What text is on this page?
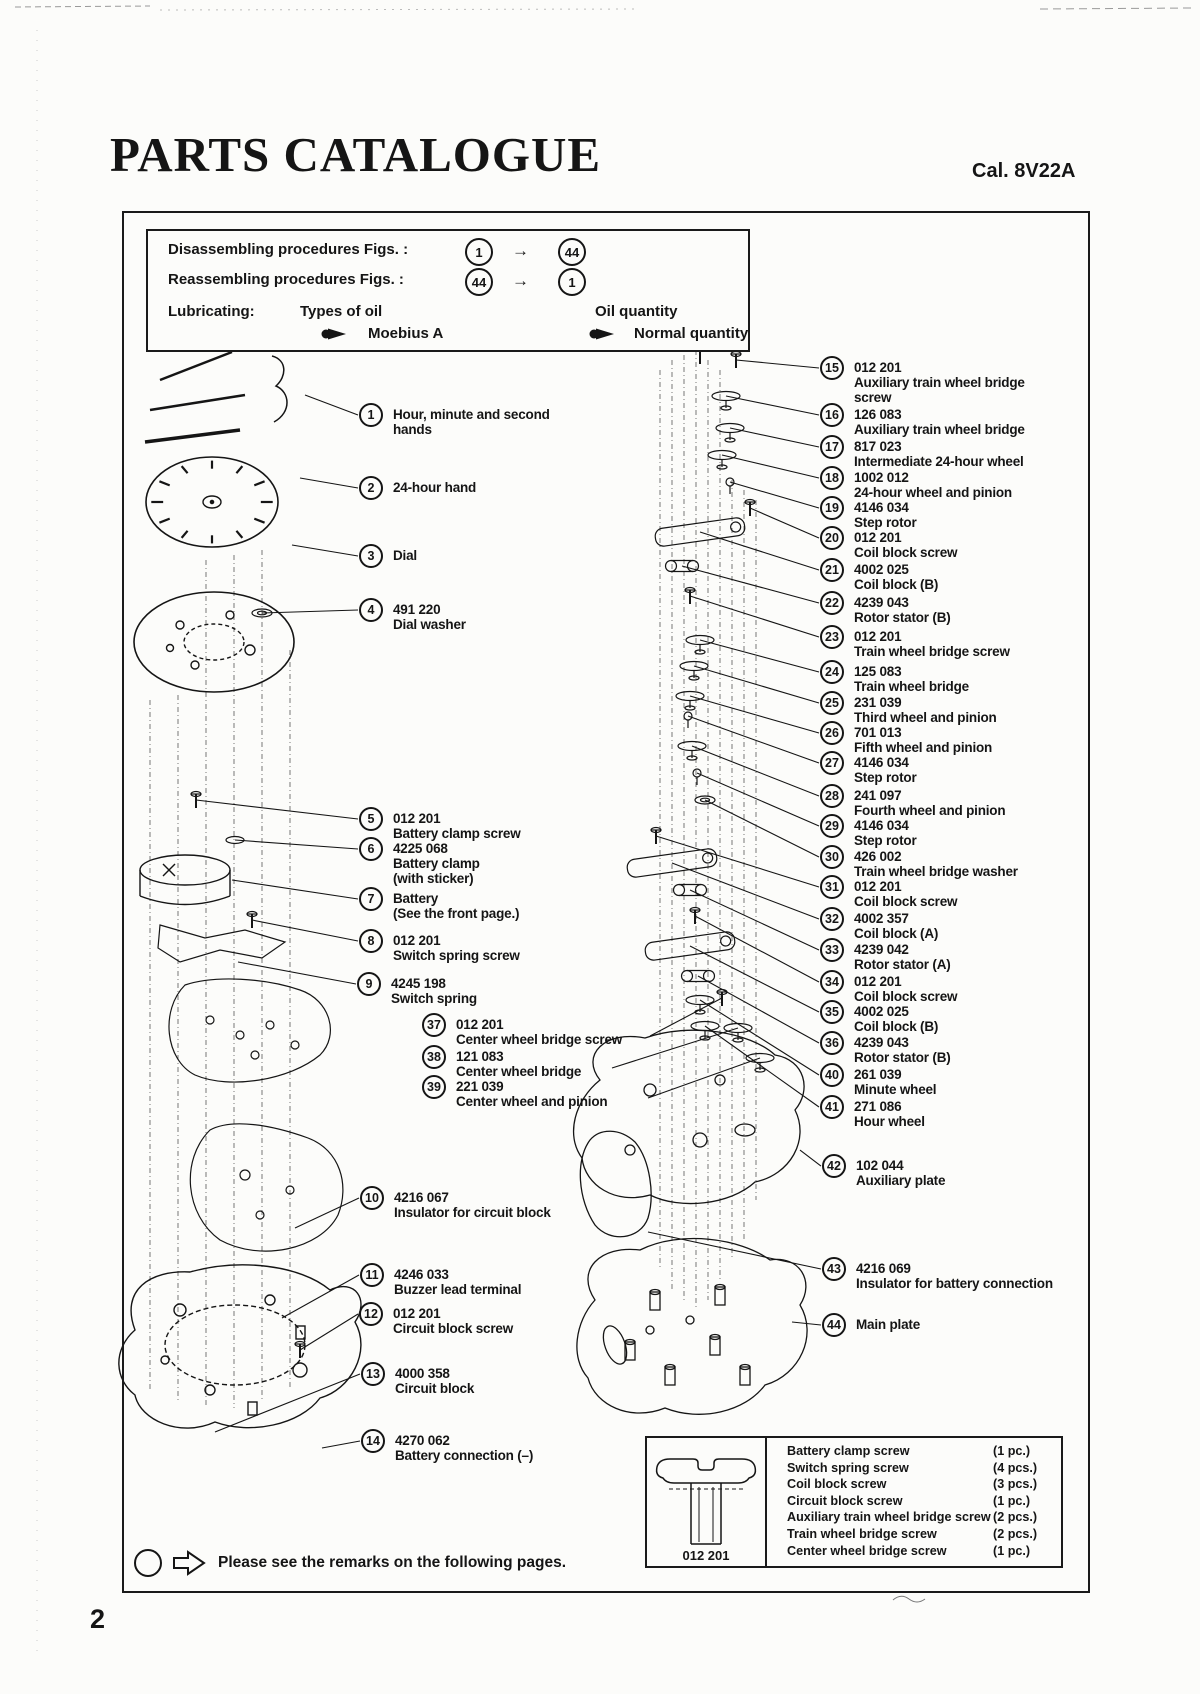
PARTS CATALOGUE	Cal. 8V22A
Disassembling procedures Figs. :	1	→	44
Reassembling procedures Figs. :	44	→	1
Lubricating:	Types of oil	Oil quantity
Moebius A	Normal quantity
1	Hour, minute and second
hands
2	24-hour hand
3	Dial
4	491 220
Dial washer
5	012 201
Battery clamp screw
6	4225 068
Battery clamp
(with sticker)
7	Battery
(See the front page.)
8	012 201
Switch spring screw
9	4245 198
Switch spring
37	012 201
Center wheel bridge screw
38	121 083
Center wheel bridge
39	221 039
Center wheel and pinion
10	4216 067
Insulator for circuit block
11	4246 033
Buzzer lead terminal
12	012 201
Circuit block screw
13	4000 358
Circuit block
14	4270 062
Battery connection (–)
15	012 201
Auxiliary train wheel bridge
screw
16	126 083
Auxiliary train wheel bridge
17	817 023
Intermediate 24-hour wheel
18	1002 012
24-hour wheel and pinion
19	4146 034
Step rotor
20	012 201
Coil block screw
21	4002 025
Coil block (B)
22	4239 043
Rotor stator (B)
23	012 201
Train wheel bridge screw
24	125 083
Train wheel bridge
25	231 039
Third wheel and pinion
26	701 013
Fifth wheel and pinion
27	4146 034
Step rotor
28	241 097
Fourth wheel and pinion
29	4146 034
Step rotor
30	426 002
Train wheel bridge washer
31	012 201
Coil block screw
32	4002 357
Coil block (A)
33	4239 042
Rotor stator (A)
34	012 201
Coil block screw
35	4002 025
Coil block (B)
36	4239 043
Rotor stator (B)
40	261 039
Minute wheel
41	271 086
Hour wheel
42	102 044
Auxiliary plate
43	4216 069
Insulator for battery connection
44	Main plate
012 201
Battery clamp screw	(1 pc.)
Switch spring screw	(4 pcs.)
Coil block screw	(3 pcs.)
Circuit block screw	(1 pc.)
Auxiliary train wheel bridge screw (2 pcs.)
Train wheel bridge screw	(2 pcs.)
Center wheel bridge screw	(1 pc.)
Please see the remarks on the following pages.
2
